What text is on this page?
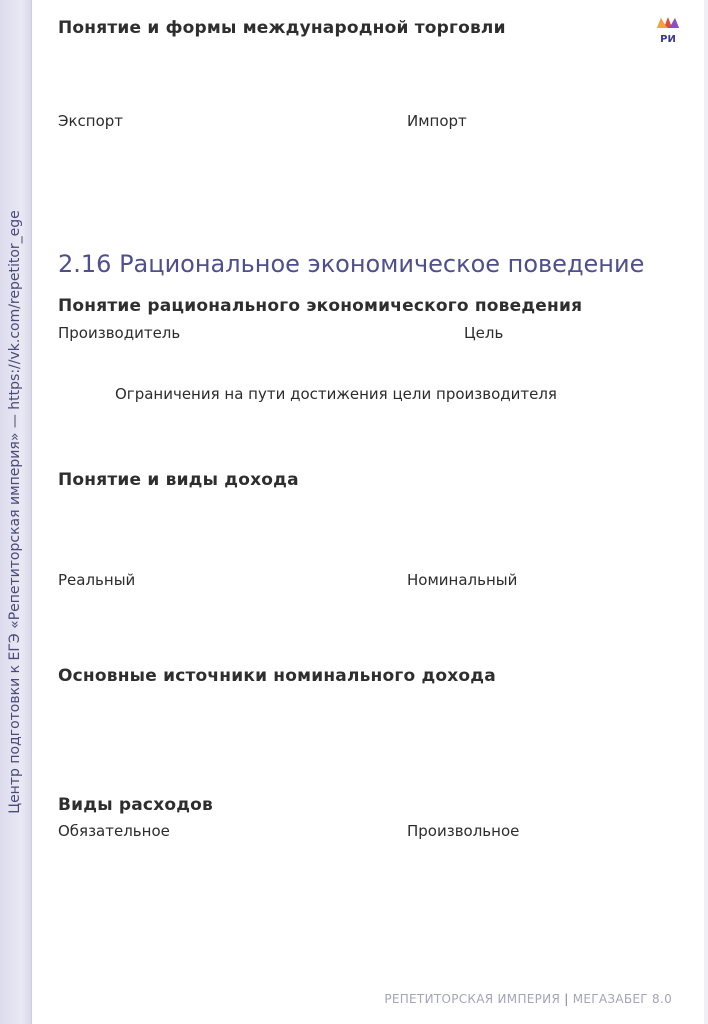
Центр подготовки к ЕГЭ «Репетиторская империя» — https://vk.com/repetitor_ege
РИ
Понятие и формы международной торговли

Экспорт	Импорт

2.16 Рациональное экономическое поведение
Понятие рационального экономического поведения

Производитель	Цель

Ограничения на пути достижения цели производителя

Понятие и виды дохода

Реальный	Номинальный

Основные источники номинального дохода
Виды расходов

Обязательное	Произвольное

РЕПЕТИТОРСКАЯ ИМПЕРИЯ | МЕГАЗАБЕГ 8.0
